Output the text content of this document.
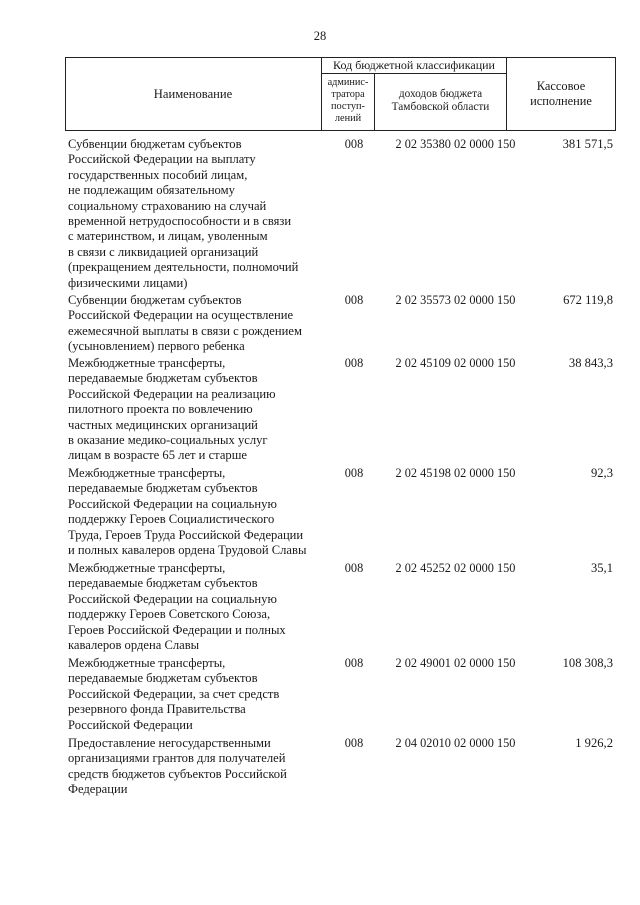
28
Наименование
Код бюджетной классификации
админис-
тратора
поступ-
лений
доходов бюджета
Тамбовской области
Кассовое
исполнение
Субвенции бюджетам субъектов
Российской Федерации на выплату
государственных пособий лицам,
не подлежащим обязательному
социальному страхованию на случай
временной нетрудоспособности и в связи
с материнством, и лицам, уволенным
в связи с ликвидацией организаций
(прекращением деятельности, полномочий
физическими лицами)
008	2 02 35380 02 0000 150	381 571,5
Субвенции бюджетам субъектов
Российской Федерации на осуществление
ежемесячной выплаты в связи с рождением
(усыновлением) первого ребенка
008	2 02 35573 02 0000 150	672 119,8
Межбюджетные трансферты,
передаваемые бюджетам субъектов
Российской Федерации на реализацию
пилотного проекта по вовлечению
частных медицинских организаций
в оказание медико-социальных услуг
лицам в возрасте 65 лет и старше
008	2 02 45109 02 0000 150	38 843,3
Межбюджетные трансферты,
передаваемые бюджетам субъектов
Российской Федерации на социальную
поддержку Героев Социалистического
Труда, Героев Труда Российской Федерации
и полных кавалеров ордена Трудовой Славы
008	2 02 45198 02 0000 150	92,3
Межбюджетные трансферты,
передаваемые бюджетам субъектов
Российской Федерации на социальную
поддержку Героев Советского Союза,
Героев Российской Федерации и полных
кавалеров ордена Славы
008	2 02 45252 02 0000 150	35,1
Межбюджетные трансферты,
передаваемые бюджетам субъектов
Российской Федерации, за счет средств
резервного фонда Правительства
Российской Федерации
008	2 02 49001 02 0000 150	108 308,3
Предоставление негосударственными
организациями грантов для получателей
средств бюджетов субъектов Российской
Федерации
008	2 04 02010 02 0000 150	1 926,2
